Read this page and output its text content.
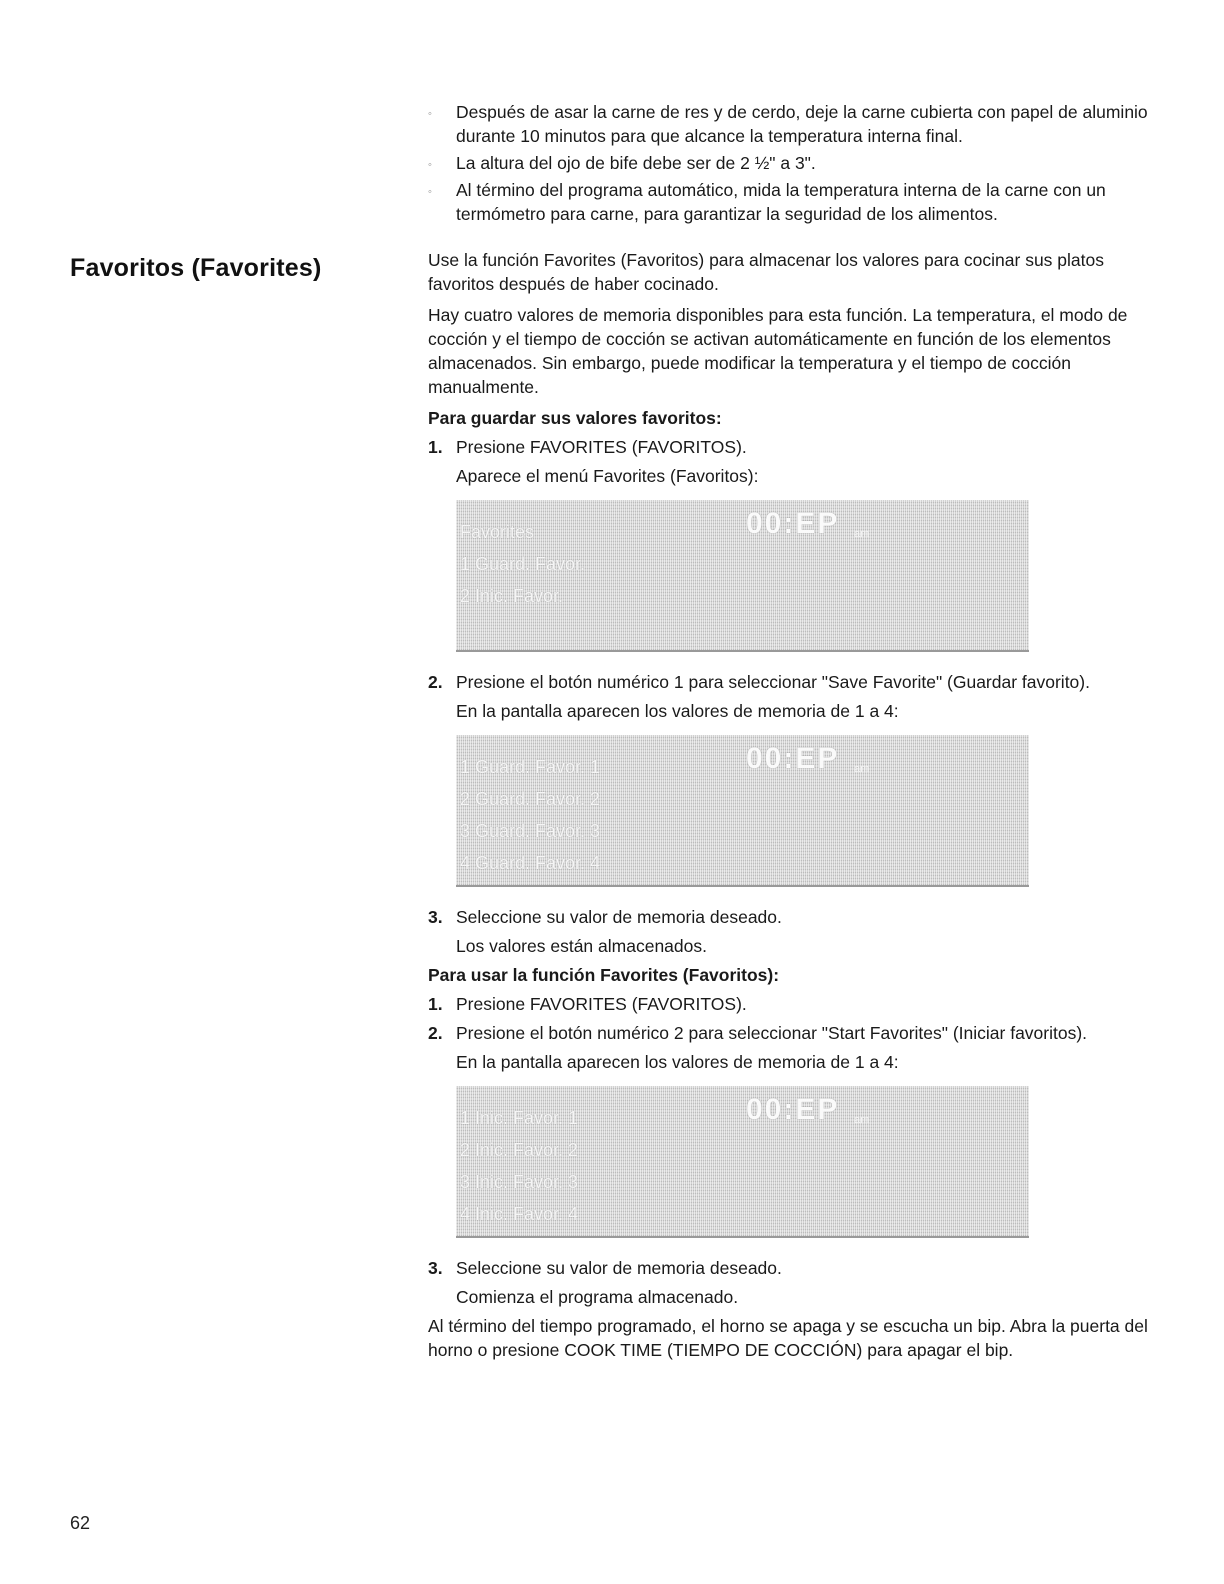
Favoritos (Favorites)
◦ Después de asar la carne de res y de cerdo, deje la carne cubierta con papel de aluminio durante 10 minutos para que alcance la temperatura interna final.
◦ La altura del ojo de bife debe ser de 2 ½" a 3".
◦ Al término del programa automático, mida la temperatura interna de la carne con un termómetro para carne, para garantizar la seguridad de los alimentos.

Use la función Favorites (Favoritos) para almacenar los valores para cocinar sus platos favoritos después de haber cocinado.

Hay cuatro valores de memoria disponibles para esta función. La temperatura, el modo de cocción y el tiempo de cocción se activan automáticamente en función de los elementos almacenados. Sin embargo, puede modificar la temperatura y el tiempo de cocción manualmente.

Para guardar sus valores favoritos:

1. Presione FAVORITES (FAVORITOS).

Aparece el menú Favorites (Favoritos):

Favorites
1 Guard. Favor.
2 Inic. Favor.
00:EP am
2. Presione el botón numérico 1 para seleccionar "Save Favorite" (Guardar favorito).

En la pantalla aparecen los valores de memoria de 1 a 4:

1 Guard. Favor. 1
2 Guard. Favor. 2
3 Guard. Favor. 3
4 Guard. Favor. 4
00:EP am
3. Seleccione su valor de memoria deseado.

Los valores están almacenados.

Para usar la función Favorites (Favoritos):

1. Presione FAVORITES (FAVORITOS).
2. Presione el botón numérico 2 para seleccionar "Start Favorites" (Iniciar favoritos).

En la pantalla aparecen los valores de memoria de 1 a 4:

1 Inic. Favor. 1
2 Inic. Favor. 2
3 Inic. Favor. 3
4 Inic. Favor. 4
00:EP am
3. Seleccione su valor de memoria deseado.

Comienza el programa almacenado.

Al término del tiempo programado, el horno se apaga y se escucha un bip. Abra la puerta del horno o presione COOK TIME (TIEMPO DE COCCIÓN) para apagar el bip.

62
